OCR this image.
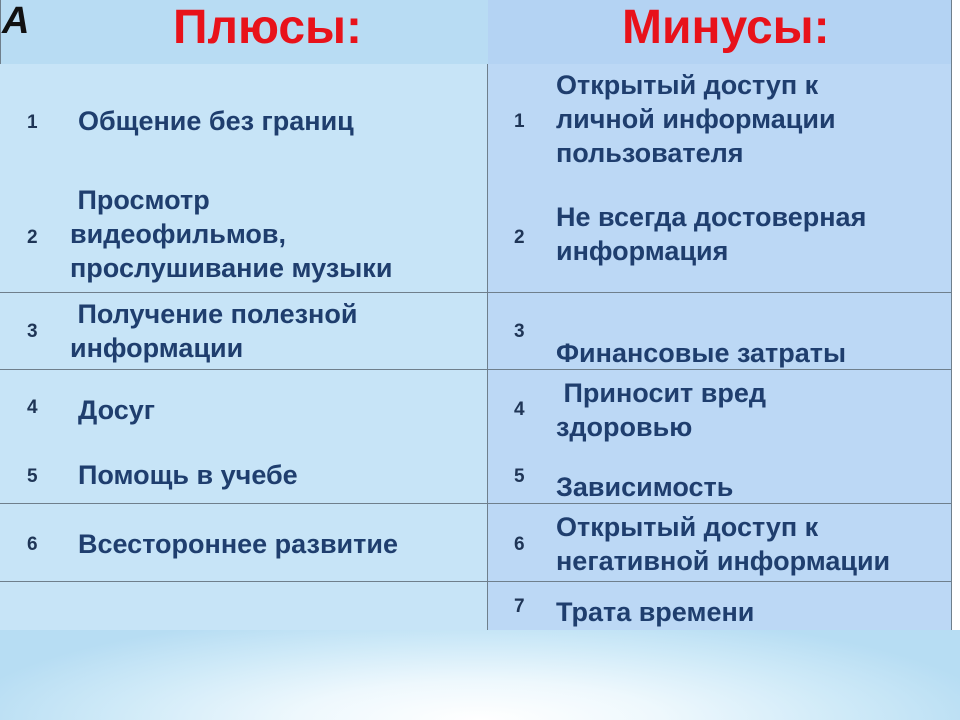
A	Плюсы:	Минусы:
1 Общение без границ
2
Просмотр
видеофильмов,
прослушивание музыки
3
Получение полезной
информации
4 Досуг
5 Помощь в учебе
6 Всестороннее развитие
1
Открытый доступ к
личной информации
пользователя
2
Не всегда достоверная
информация
3
Финансовые затраты
4
Приносит вред
здоровью
5 Зависимость
6
Открытый доступ к
негативной информации
7 Трата времени
